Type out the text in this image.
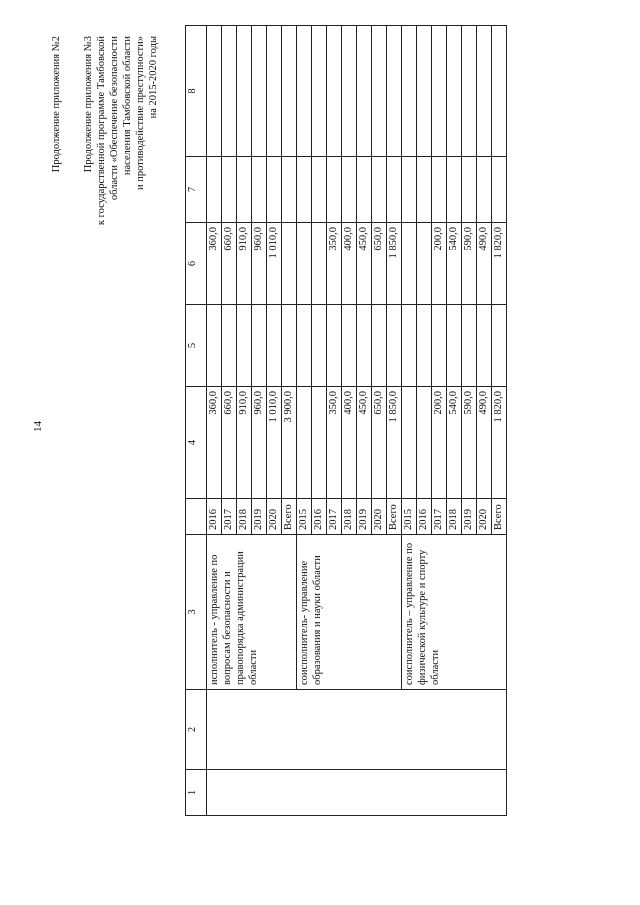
14
Продолжение приложения №2 Продолжение приложения №3 к государственной программе Тамбовской области «Обеспечение безопасности населения Тамбовской области и противодействие преступности» на 2015-2020 годы
1	2	3		4	5	6	7	8
		исполнитель - управление по вопросам безопасности и правопорядка администрации области	2016	360,0		360,0		
			2017	660,0		660,0		
			2018	910,0		910,0		
			2019	960,0		960,0		
			2020	1 010,0		1 010,0		
			Всего	3 900,0				
		соисполнитель- управление образования и науки области	2015					
			2016					
			2017	350,0		350,0		
			2018	400,0		400,0		
			2019	450,0		450,0		
			2020	650,0		650,0		
			Всего	1 850,0		1 850,0		
		соисполнитель – управление по физической культуре и спорту области	2015					
			2016					
			2017	200,0		200,0		
			2018	540,0		540,0		
			2019	590,0		590,0		
			2020	490,0		490,0		
			Всего	1 820,0		1 820,0		
